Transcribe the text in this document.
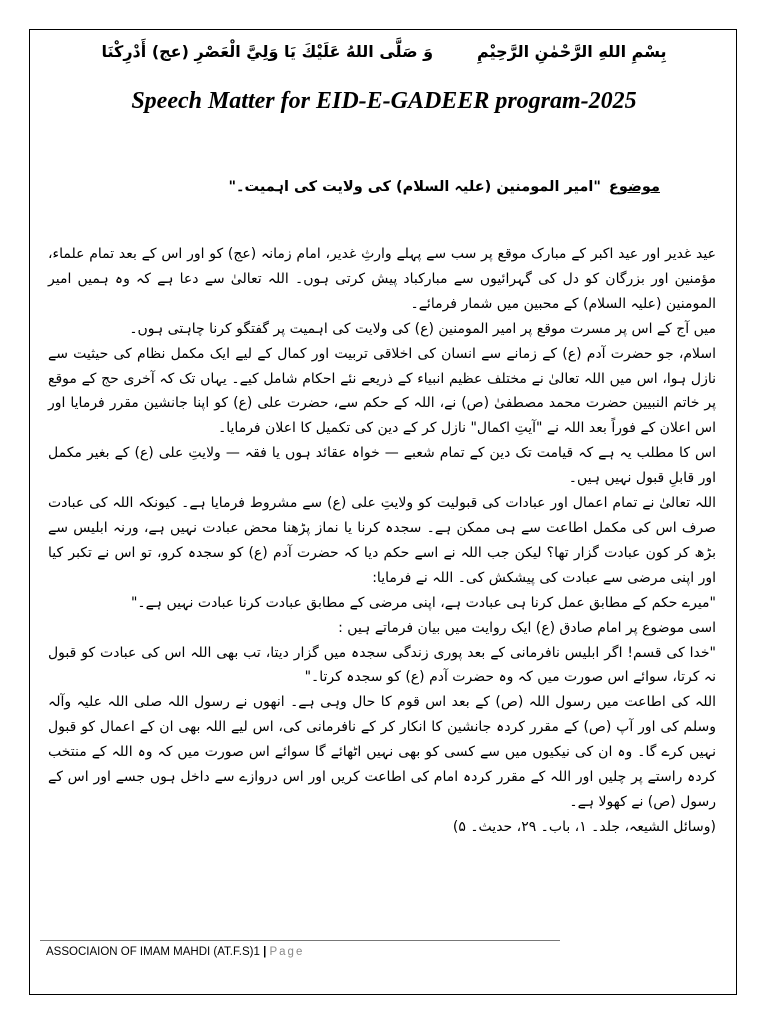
بِسْمِ اللهِ الرَّحْمٰنِ الرَّحِيْمِوَ صَلَّى اللهُ عَلَيْكَ يَا وَلِيَّ الْعَصْرِ (عج) أَدْرِكْنَا
Speech Matter for EID-E-GADEER program-2025
موضوع"امیر المومنین (علیہ السلام) کی ولایت کی اہمیت۔"

عید غدیر اور عید اکبر کے مبارک موقع پر سب سے پہلے وارثِ غدیر، امام زمانہ (عج) کو اور اس کے بعد تمام علماء، مؤمنین اور بزرگان کو دل کی گہرائیوں سے مبارکباد پیش کرتی ہوں۔ اللہ تعالیٰ سے دعا ہے کہ وہ ہمیں امیر المومنین (علیہ السلام) کے محبین میں شمار فرمائے۔

میں آج کے اس پر مسرت موقع پر امیر المومنین (ع) کی ولایت کی اہمیت پر گفتگو کرنا چاہتی ہوں۔

اسلام، جو حضرت آدم (ع) کے زمانے سے انسان کی اخلاقی تربیت اور کمال کے لیے ایک مکمل نظام کی حیثیت سے نازل ہوا، اس میں اللہ تعالیٰ نے مختلف عظیم انبیاء کے ذریعے نئے احکام شامل کیے۔ یہاں تک کہ آخری حج کے موقع پر خاتم النبیین حضرت محمد مصطفیٰ (ص) نے، اللہ کے حکم سے، حضرت علی (ع) کو اپنا جانشین مقرر فرمایا اور اس اعلان کے فوراً بعد اللہ نے "آیتِ اکمال" نازل کر کے دین کی تکمیل کا اعلان فرمایا۔

اس کا مطلب یہ ہے کہ قیامت تک دین کے تمام شعبے — خواہ عقائد ہوں یا فقہ — ولایتِ علی (ع) کے بغیر مکمل اور قابلِ قبول نہیں ہیں۔

اللہ تعالیٰ نے تمام اعمال اور عبادات کی قبولیت کو ولایتِ علی (ع) سے مشروط فرمایا ہے۔ کیونکہ اللہ کی عبادت صرف اس کی مکمل اطاعت سے ہی ممکن ہے۔ سجدہ کرنا یا نماز پڑھنا محض عبادت نہیں ہے، ورنہ ابلیس سے بڑھ کر کون عبادت گزار تھا؟ لیکن جب اللہ نے اسے حکم دیا کہ حضرت آدم (ع) کو سجدہ کرو، تو اس نے تکبر کیا اور اپنی مرضی سے عبادت کی پیشکش کی۔ اللہ نے فرمایا:

"میرے حکم کے مطابق عمل کرنا ہی عبادت ہے، اپنی مرضی کے مطابق عبادت کرنا عبادت نہیں ہے۔"

اسی موضوع پر امام صادق (ع) ایک روایت میں بیان فرماتے ہیں :

"خدا کی قسم! اگر ابلیس نافرمانی کے بعد پوری زندگی سجدہ میں گزار دیتا، تب بھی اللہ اس کی عبادت کو قبول نہ کرتا، سوائے اس صورت میں کہ وہ حضرت آدم (ع) کو سجدہ کرتا۔"

اللہ کی اطاعت میں رسول اللہ (ص) کے بعد اس قوم کا حال وہی ہے۔ انھوں نے رسول اللہ صلی اللہ علیہ وآلہ وسلم کی اور آپ (ص) کے مقرر کردہ جانشین کا انکار کر کے نافرمانی کی، اس لیے اللہ بھی ان کے اعمال کو قبول نہیں کرے گا۔ وہ ان کی نیکیوں میں سے کسی کو بھی نہیں اٹھائے گا سوائے اس صورت میں کہ وہ اللہ کے منتخب کردہ راستے پر چلیں اور اللہ کے مقرر کردہ امام کی اطاعت کریں اور اس دروازے سے داخل ہوں جسے اور اس کے رسول (ص) نے کھولا ہے۔

(وسائل الشیعہ، جلد۔ ۱، باب۔ ۲۹، حدیث۔ ۵)

ASSOCIAION OF IMAM MAHDI (AT.F.S)1 | Page
